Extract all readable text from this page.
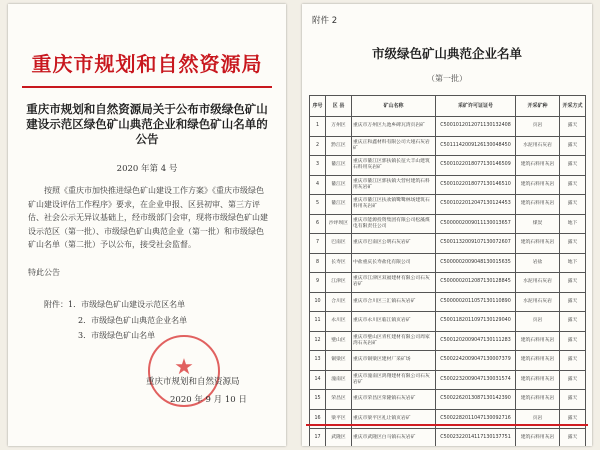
重庆市规划和自然资源局
重庆市规划和自然资源局关于公布市级绿色矿山建设示范区绿色矿山典范企业和绿色矿山名单的公告
2020 年第 4 号

按照《重庆市加快推进绿色矿山建设工作方案》《重庆市级绿色矿山建设评估工作程序》要求，在企业申报、区县初审、第三方评估、社会公示无异议基础上，经市级部门会审，现将市级绿色矿山建设示范区（第一批）、市级绿色矿山典范企业（第一批）和市级绿色矿山名单（第二批）予以公布，接受社会监督。

特此公告
附件：1．市级绿色矿山建设示范区名单
2．市级绿色矿山典范企业名单
3．市级绿色矿山名单
★
重庆市规划和自然资源局
2020 年 9 月 10 日
附件 2
市级绿色矿山典范企业名单
（第一批）
序号	区 县	矿山名称	采矿许可证证号	开采矿种	开采方式
1	万州区	重庆市万州区九池乡碑瓦湾页岩矿	C5001012012071130132408	页岩	露天
2	黔江区	重庆正和鑫材料有限公司大垭石灰岩矿	C5011142009126130048450	水泥用石灰岩	露天
3	綦江区	重庆市綦江区郭扶镇长征大丰山建筑石料用灰岩矿	C5001022018077130146509	建筑石料用灰岩	露天
4	綦江区	重庆市綦江区郭扶镇大营村建筑石料用灰岩矿	C5001022018077130146510	建筑石料用灰岩	露天
5	綦江区	重庆市綦江区扶欢镇鹭鹭林场建筑石料用灰岩矿	C5001022012047130124453	建筑石料用灰岩	露天
6	沙坪坝区	重庆市能源投资集团有限公司松藻煤电有限责任公司	C5000002009011130013657	煤炭	地下
7	巴南区	重庆市巴南区公明石灰岩矿	C5001132009107130072607	建筑石料用灰岩	露天
8	长寿区	中盐重庆长寿盐化有限公司	C5000002009048130015635	岩盐	地下
9	江津区	重庆市江津区双福建材有限公司石灰岩矿	C5000002012087130128845	水泥用石灰岩	露天
10	合川区	重庆市合川区三汇镇石灰岩矿	C5000002011057130110890	水泥用石灰岩	露天
11	永川区	重庆市永川区临江镇页岩矿	C5001182011097130129040	页岩	露天
12	璧山区	重庆市璧山区青杠建材有限公司周家湾石灰岩矿	C5001202009047130111283	建筑石料用灰岩	露天
13	铜梁区	重庆市铜梁区建材厂采矿场	C5002242009047130007379	建筑石料用灰岩	露天
14	潼南区	重庆市潼南区鸿翔建材有限公司石灰岩矿	C5002232009047130031574	建筑石料用灰岩	露天
15	荣昌区	重庆市荣昌区荣隆镇石灰岩矿	C5002262013087130142390	建筑石料用灰岩	露天
16	梁平区	重庆市梁平区礼让镇页岩矿	C5002282011047130092716	页岩	露天
17	武隆区	重庆市武隆区白马镇石灰岩矿	C5002322014117130137751	建筑石料用灰岩	露天
